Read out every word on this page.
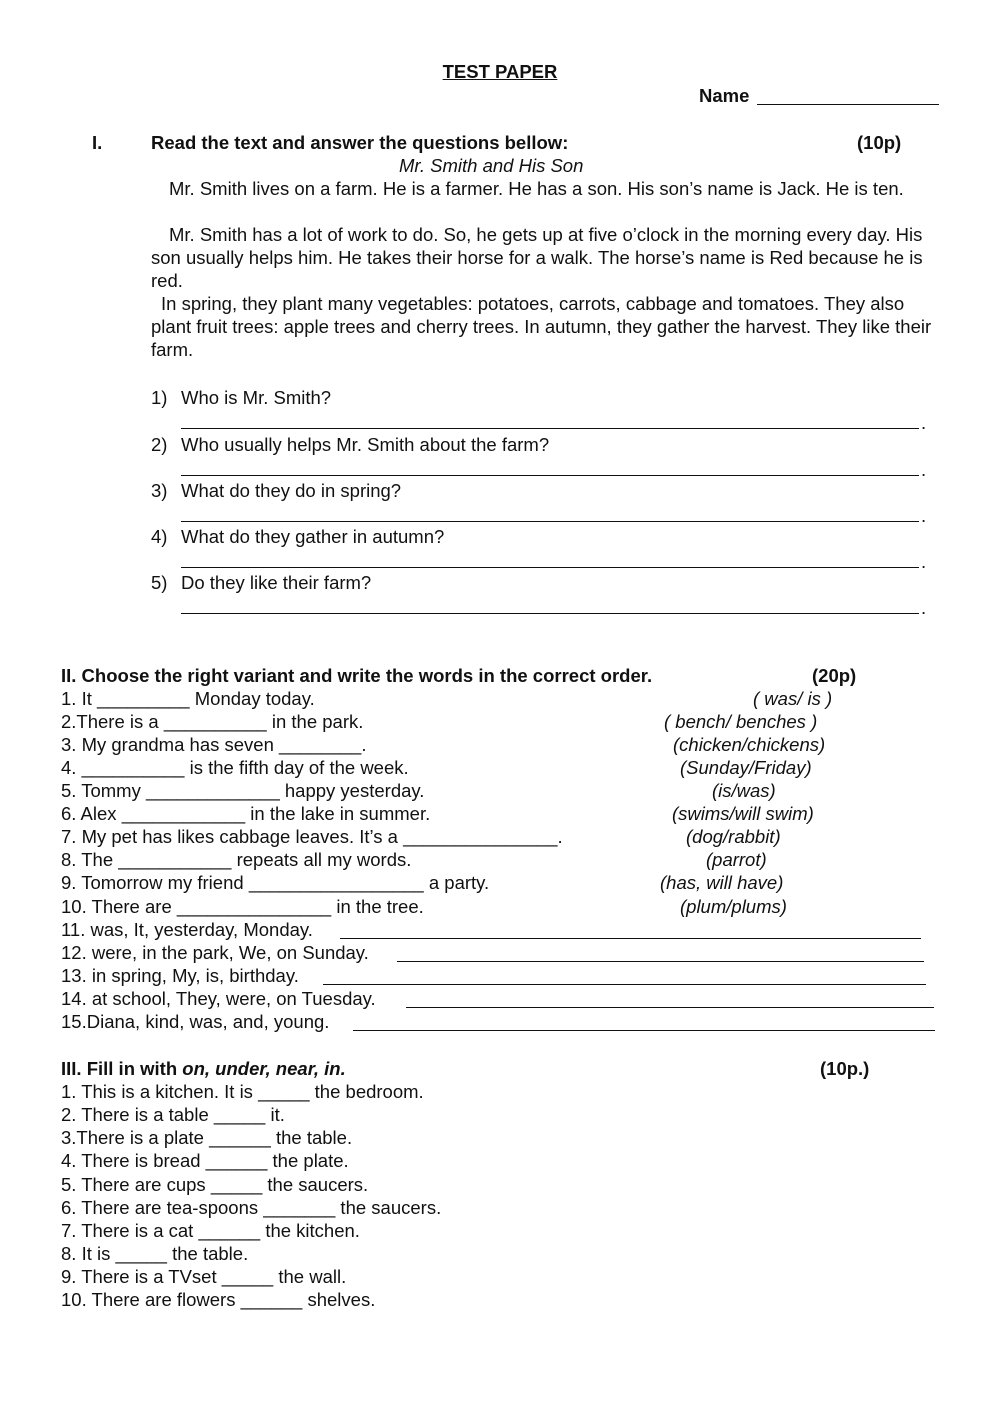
TEST PAPER
Name
I.	Read the text and answer the questions bellow:	(10p)
Mr. Smith and His Son
Mr. Smith lives on a farm. He is a farmer. He has a son. His son’s name is Jack. He is ten.
Mr. Smith has a lot of work to do. So, he gets up at five o’clock in the morning every day. His son usually helps him. He takes their horse for a walk. The horse’s name is Red because he is red.
In spring, they plant many vegetables: potatoes, carrots, cabbage and tomatoes. They also plant fruit trees: apple trees and cherry trees. In autumn, they gather the harvest. They like their farm.
1) Who is Mr. Smith?
.
2) Who usually helps Mr. Smith about the farm?
.
3) What do they do in spring?
.
4) What do they gather in autumn?
.
5) Do they like their farm?
.
II. Choose the right variant and write the words in the correct order.	(20p)
1. It _________ Monday today.	( was/ is )
2.There is a __________ in the park.	( bench/ benches )
3. My grandma has seven ________.	(chicken/chickens)
4. __________ is the fifth day of the week.	(Sunday/Friday)
5. Tommy _____________ happy yesterday.	(is/was)
6. Alex ____________ in the lake in summer.	(swims/will swim)
7. My pet has likes cabbage leaves. It’s a _______________.	(dog/rabbit)
8. The ___________ repeats all my words.	(parrot)
9. Tomorrow my friend _________________ a party.	(has, will have)
10. There are _______________ in the tree.	(plum/plums)
11. was, It, yesterday, Monday.
12. were, in the park, We, on Sunday.
13. in spring, My, is, birthday.
14. at school, They, were, on Tuesday.
15.Diana, kind, was, and, young.
III. Fill in with on, under, near, in.	(10p.)
1. This is a kitchen. It is _____ the bedroom.
2. There is a table _____ it.
3.There is a plate ______ the table.
4. There is bread ______ the plate.
5. There are cups _____ the saucers.
6. There are tea-spoons _______ the saucers.
7. There is a cat ______ the kitchen.
8. It is _____ the table.
9. There is a TVset _____ the wall.
10. There are flowers ______ shelves.
